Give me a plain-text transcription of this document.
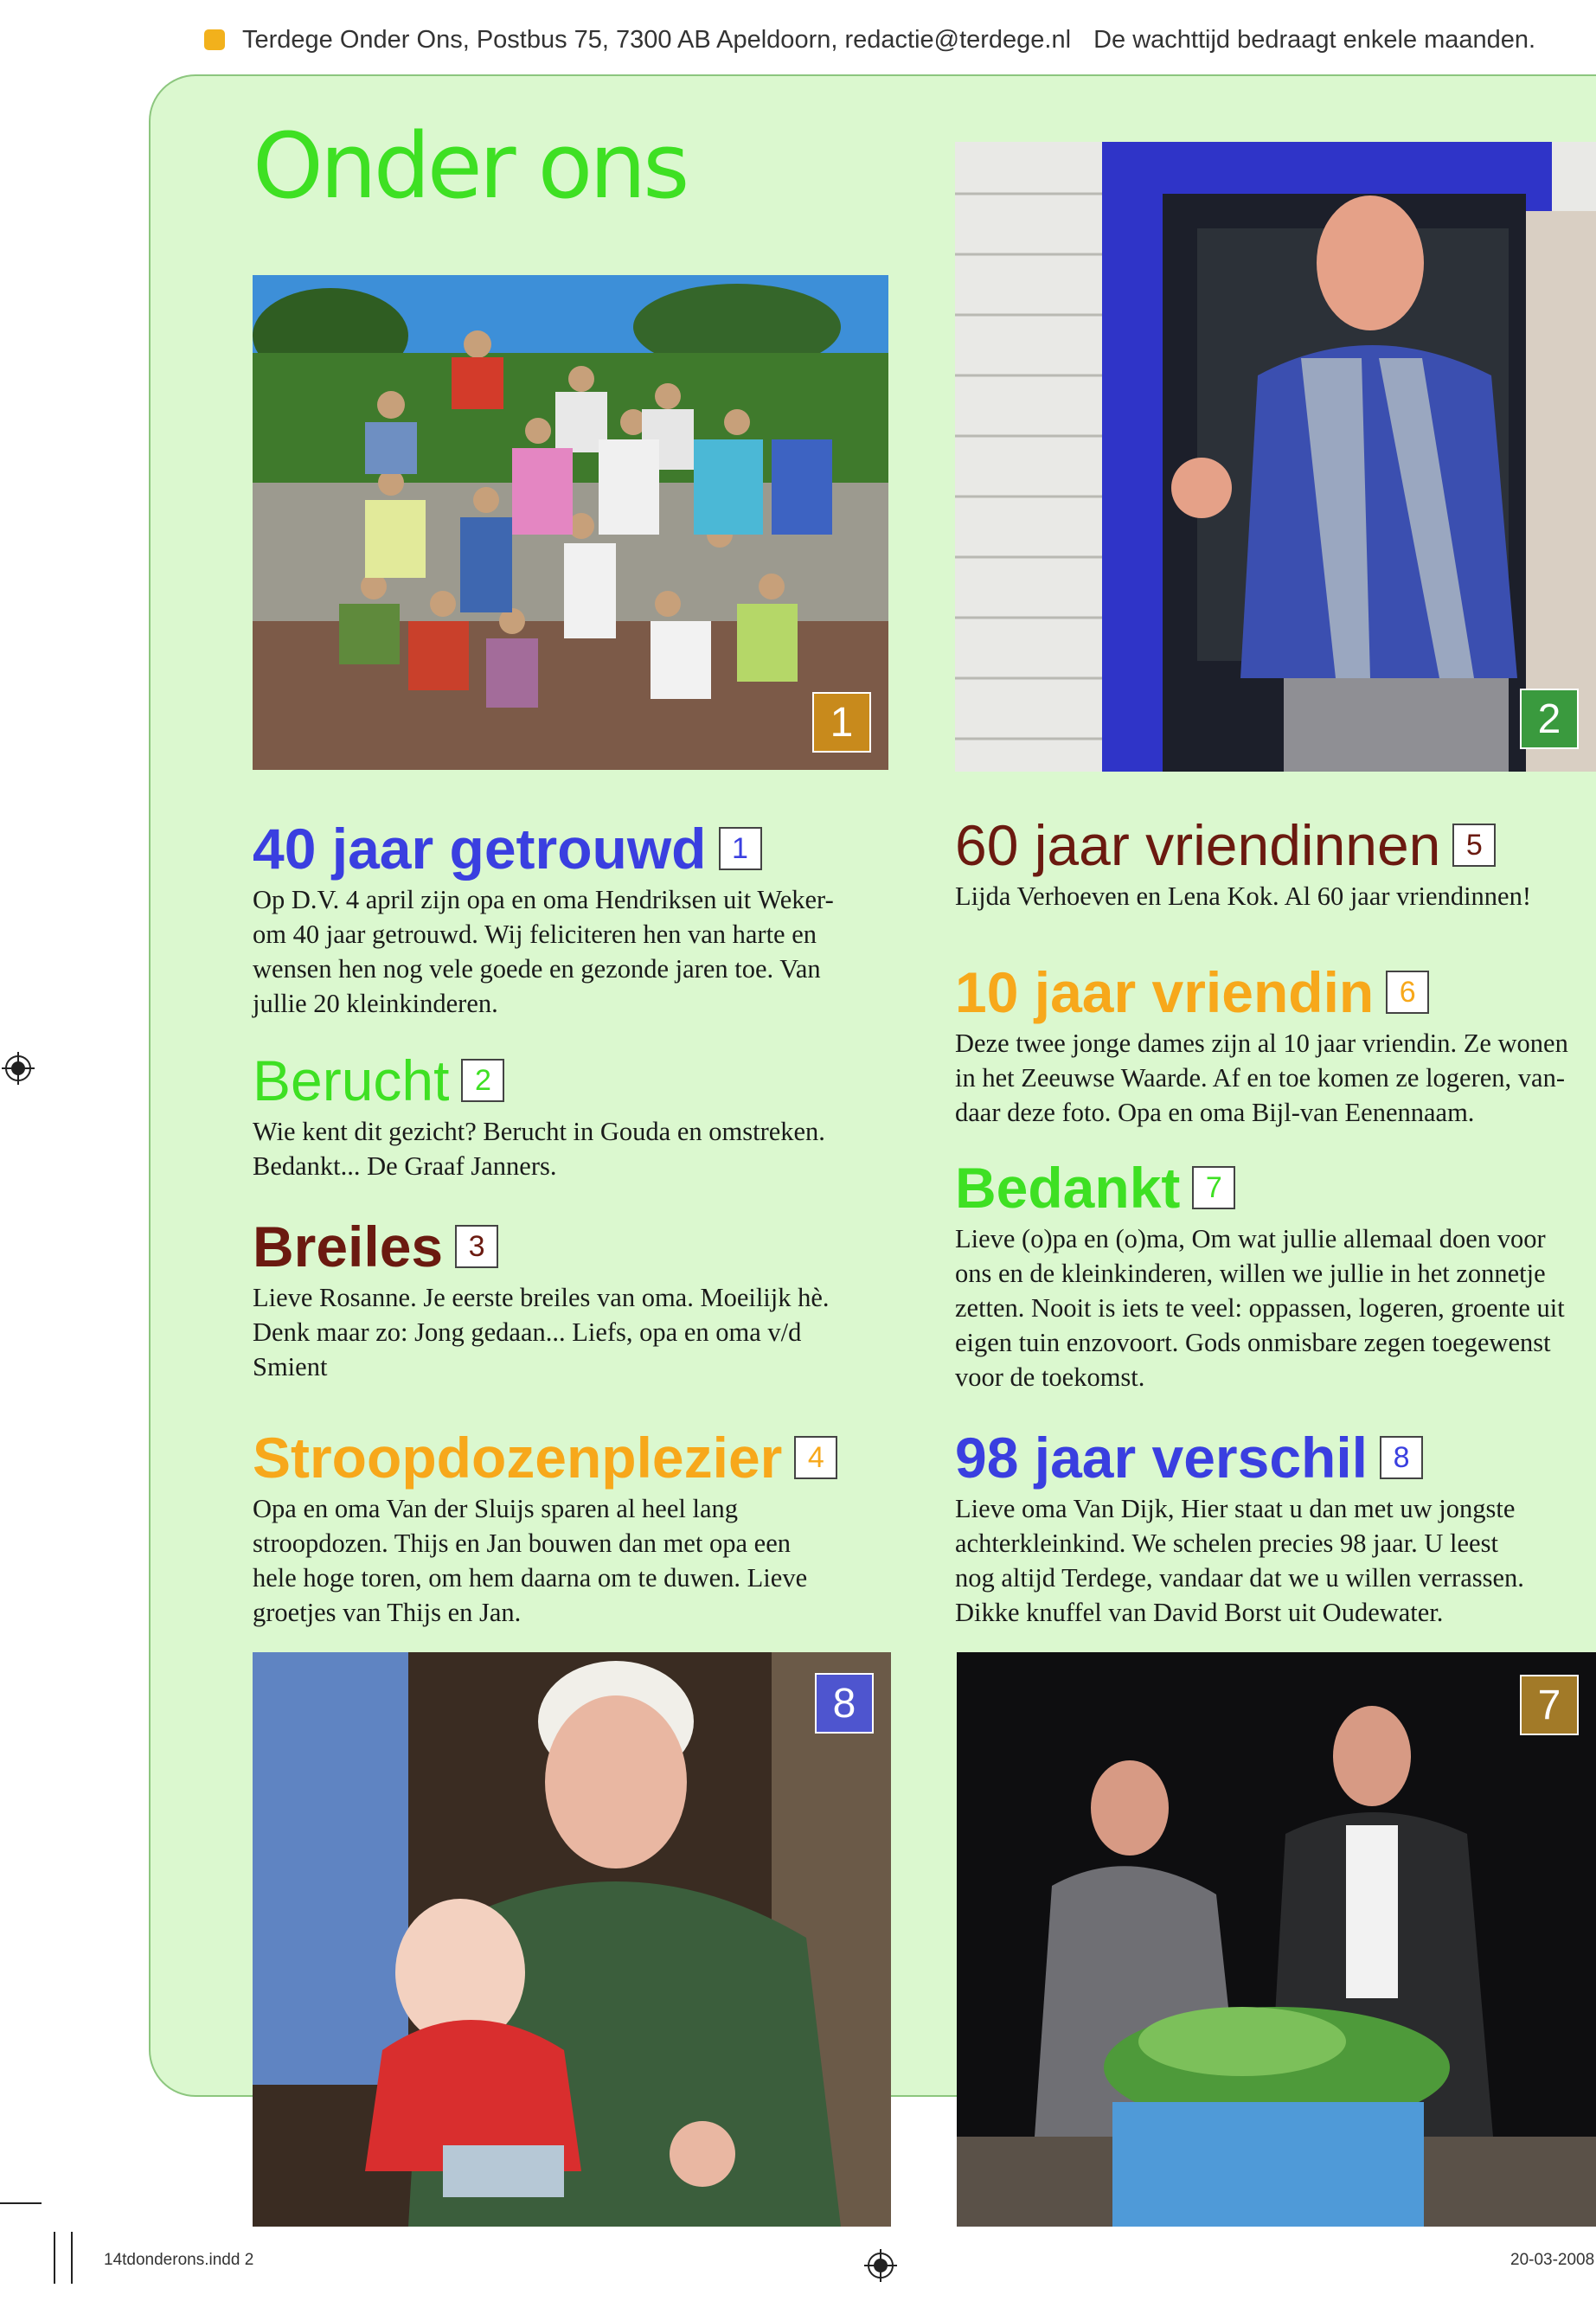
Terdege Onder Ons, Postbus 75, 7300 AB Apeldoorn, redactie@terdege.nl De wachttijd bedraagt enkele maanden.
Onder ons
1	2
8	7
40 jaar getrouwd 1

Op D.V. 4 april zijn opa en oma Hendriksen uit Weker-
om 40 jaar getrouwd. Wij feliciteren hen van harte en
wensen hen nog vele goede en gezonde jaren toe. Van
jullie 20 kleinkinderen.

Berucht 2

Wie kent dit gezicht? Berucht in Gouda en omstreken.
Bedankt... De Graaf Janners.

Breiles 3

Lieve Rosanne. Je eerste breiles van oma. Moeilijk hè.
Denk maar zo: Jong gedaan... Liefs, opa en oma v/d
Smient

Stroopdozenplezier 4

Opa en oma Van der Sluijs sparen al heel lang
stroopdozen. Thijs en Jan bouwen dan met opa een
hele hoge toren, om hem daarna om te duwen. Lieve
groetjes van Thijs en Jan.

60 jaar vriendinnen 5

Lijda Verhoeven en Lena Kok. Al 60 jaar vriendinnen!

10 jaar vriendin 6

Deze twee jonge dames zijn al 10 jaar vriendin. Ze wonen
in het Zeeuwse Waarde. Af en toe komen ze logeren, van-
daar deze foto. Opa en oma Bijl-van Eenennaam.

Bedankt 7

Lieve (o)pa en (o)ma, Om wat jullie allemaal doen voor
ons en de kleinkinderen, willen we jullie in het zonnetje
zetten. Nooit is iets te veel: oppassen, logeren, groente uit
eigen tuin enzovoort. Gods onmisbare zegen toegewenst
voor de toekomst.

98 jaar verschil 8

Lieve oma Van Dijk, Hier staat u dan met uw jongste
achterkleinkind. We schelen precies 98 jaar. U leest
nog altijd Terdege, vandaar dat we u willen verrassen.
Dikke knuffel van David Borst uit Oudewater.

14tdonderons.indd 2	20-03-2008
